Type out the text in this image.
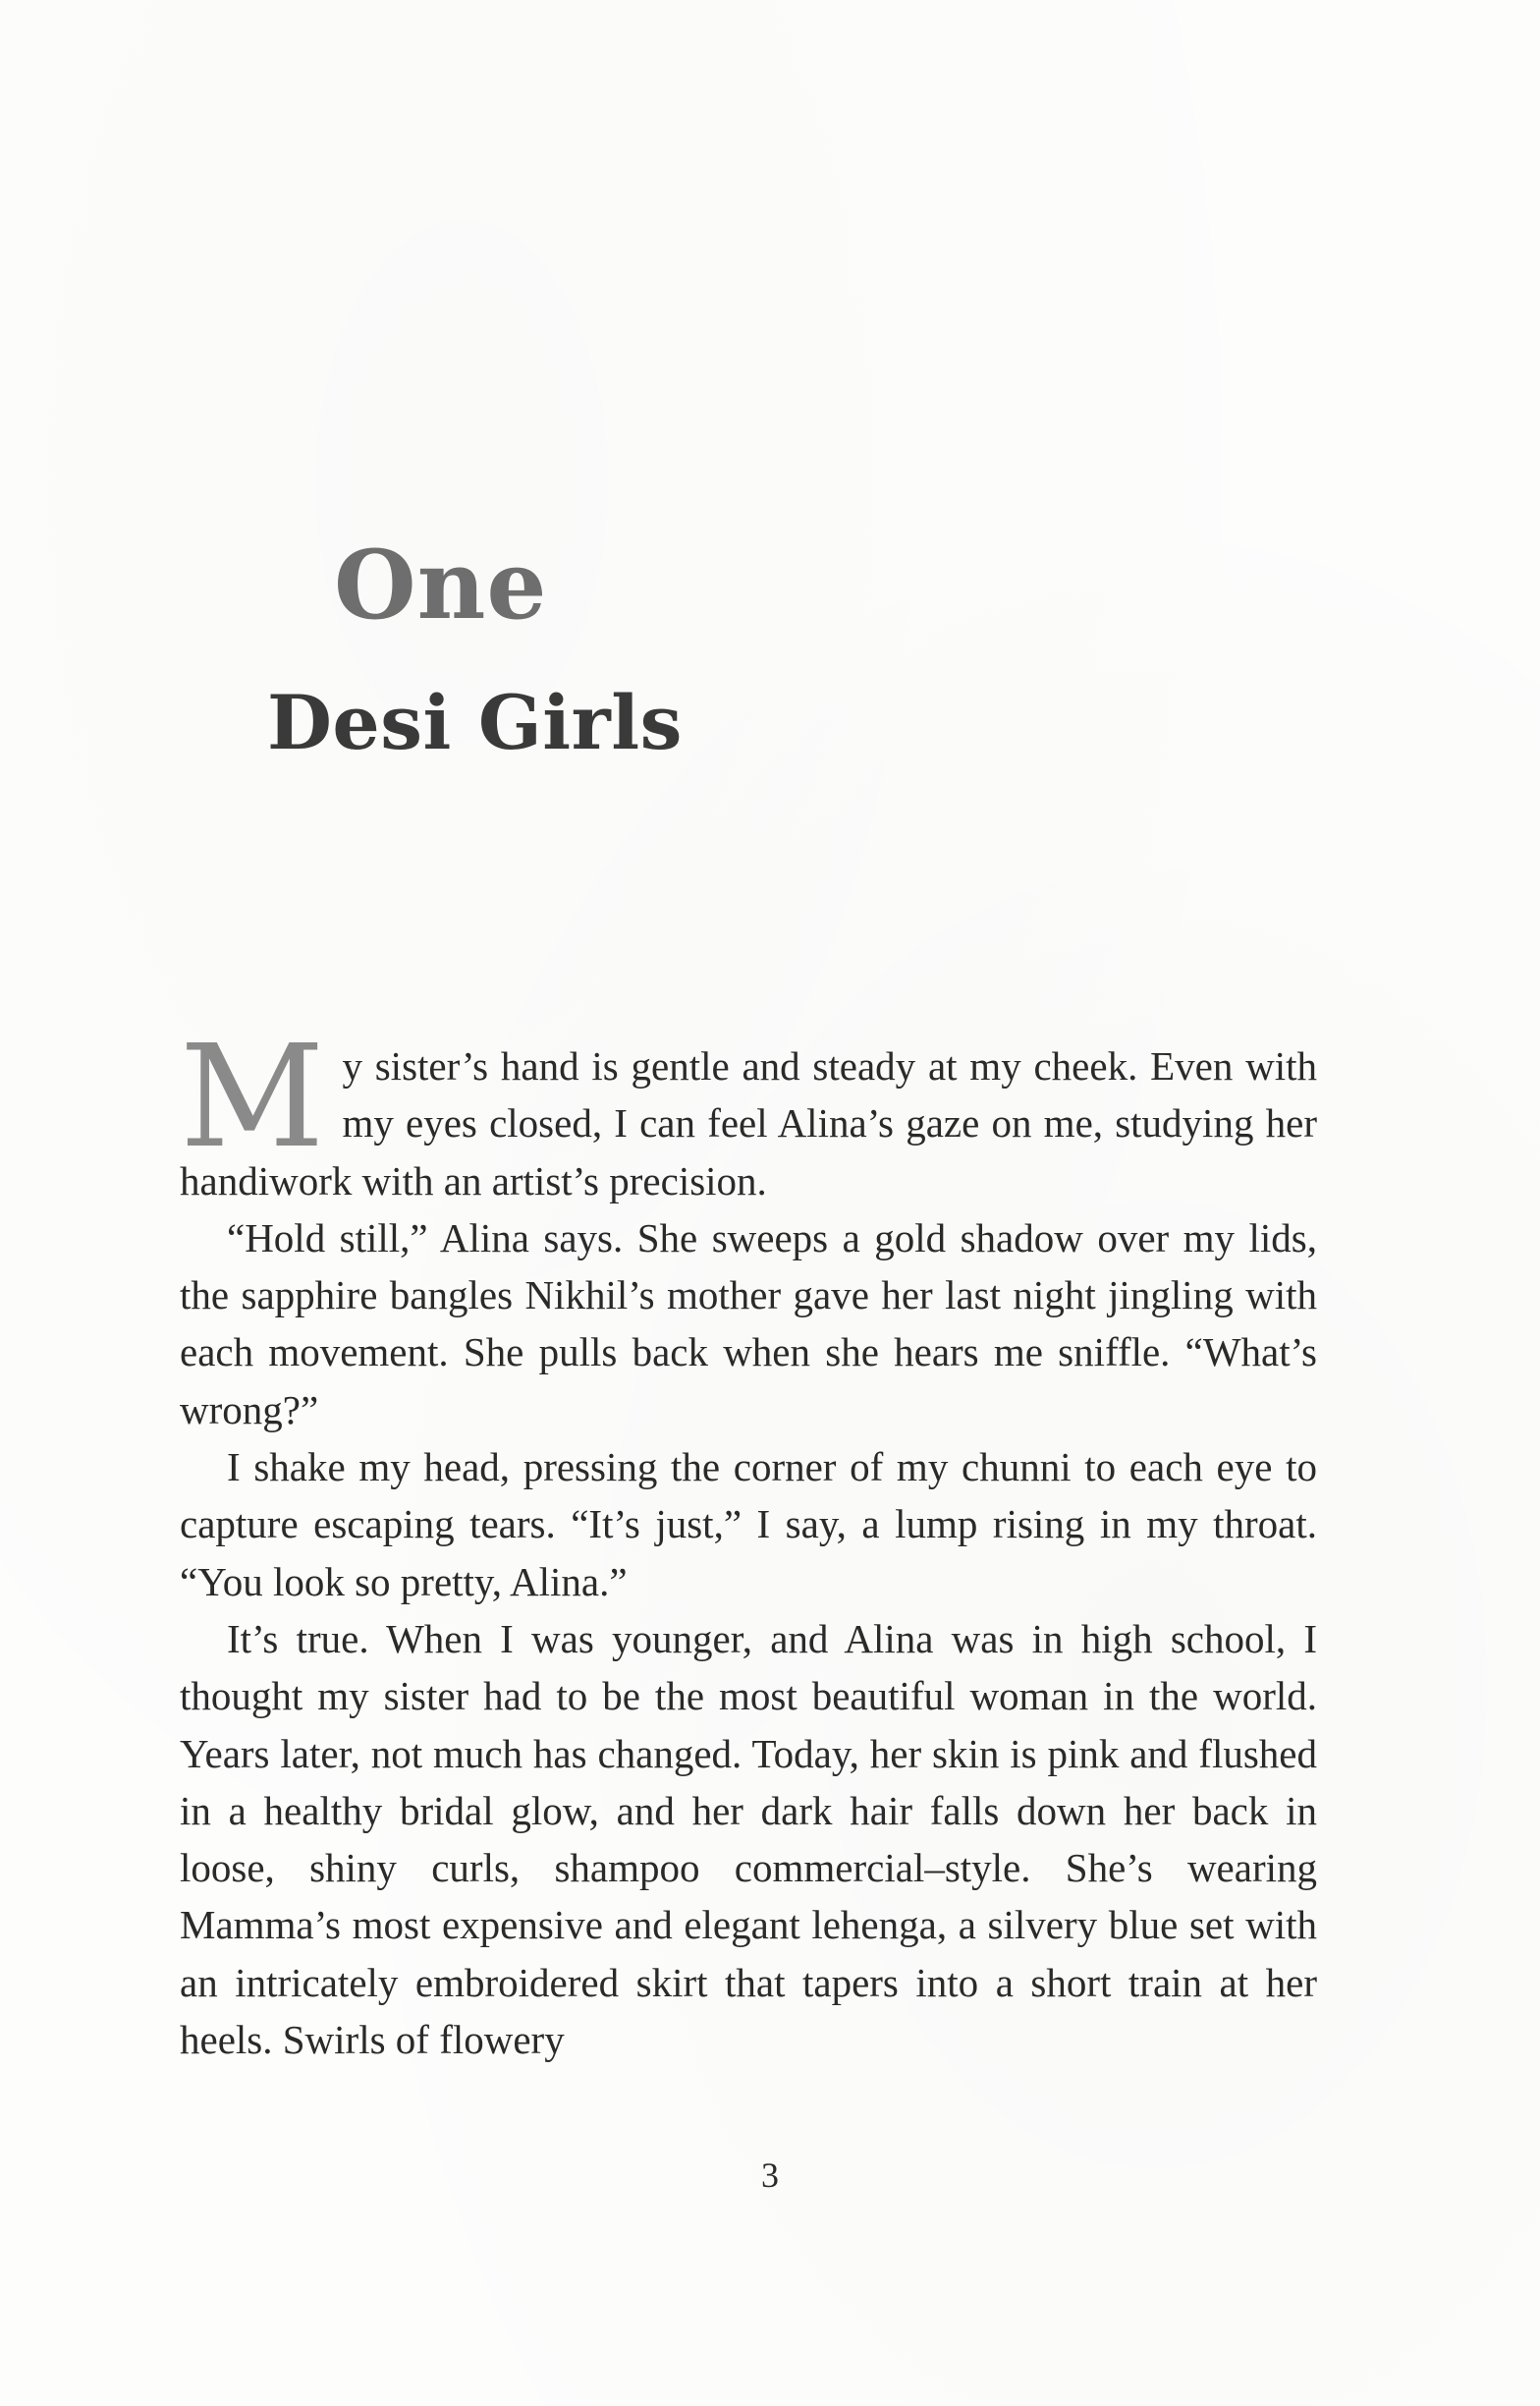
One
Desi Girls

My sister’s hand is gentle and steady at my cheek. Even with my eyes closed, I can feel Alina’s gaze on me, studying her handiwork with an artist’s precision.

“Hold still,” Alina says. She sweeps a gold shadow over my lids, the sapphire bangles Nikhil’s mother gave her last night jingling with each movement. She pulls back when she hears me sniffle. “What’s wrong?”

I shake my head, pressing the corner of my chunni to each eye to capture escaping tears. “It’s just,” I say, a lump rising in my throat. “You look so pretty, Alina.”

It’s true. When I was younger, and Alina was in high school, I thought my sister had to be the most beautiful woman in the world. Years later, not much has changed. Today, her skin is pink and flushed in a healthy bridal glow, and her dark hair falls down her back in loose, shiny curls, shampoo commercial–style. She’s wearing Mamma’s most expensive and elegant lehenga, a silvery blue set with an intricately embroidered skirt that tapers into a short train at her heels. Swirls of flowery

3
